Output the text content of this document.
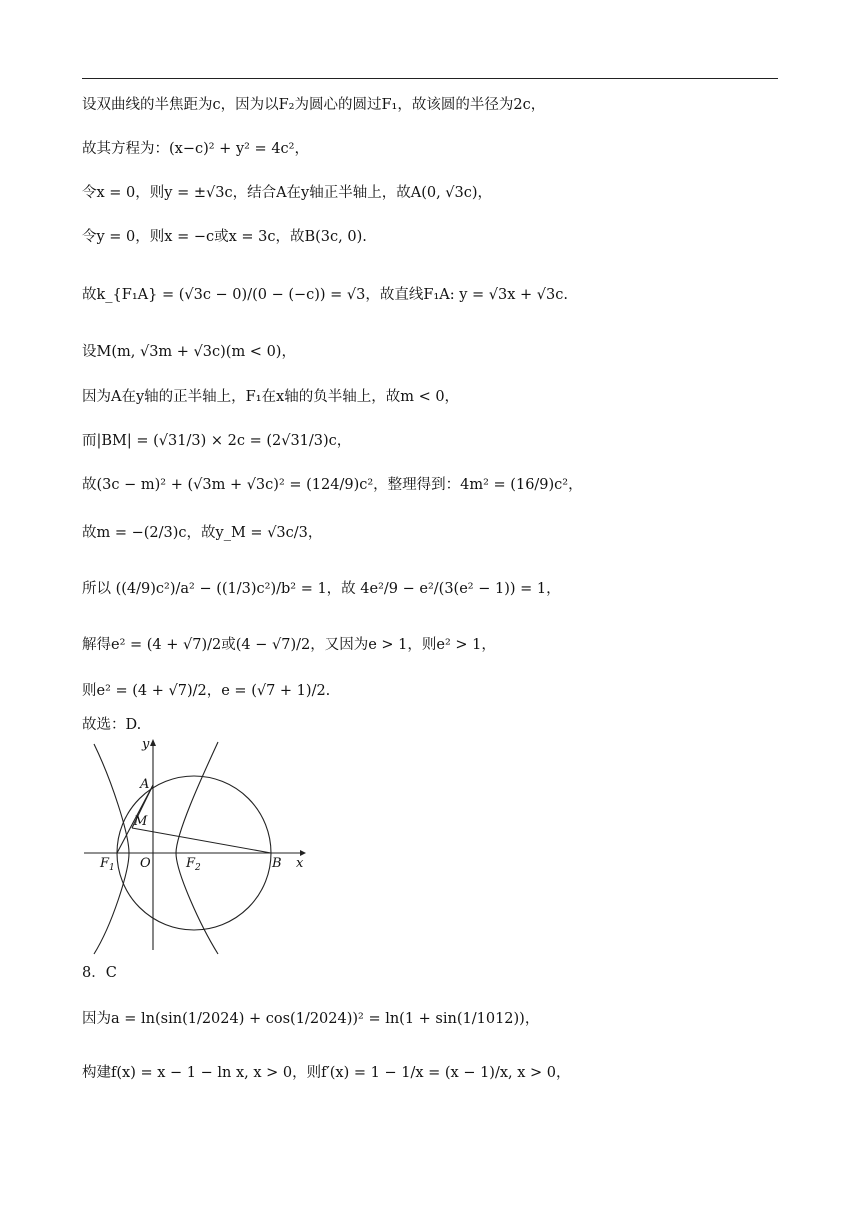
设双曲线的半焦距为c，因为以F₂为圆心的圆过F₁，故该圆的半径为2c，
故其方程为：(x−c)² + y² = 4c²，
令x = 0，则y = ±√3c，结合A在y轴正半轴上，故A(0, √3c)，
令y = 0，则x = −c或x = 3c，故B(3c, 0).
故k_{F₁A} = (√3c − 0)/(0 − (−c)) = √3，故直线F₁A: y = √3x + √3c.
设M(m, √3m + √3c)(m < 0)，
因为A在y轴的正半轴上，F₁在x轴的负半轴上，故m < 0，
而|BM| = (√31/3) × 2c = (2√31/3)c，
故(3c − m)² + (√3m + √3c)² = (124/9)c²，整理得到：4m² = (16/9)c²，
故m = −(2/3)c，故y_M = √3c/3，
所以 ((4/9)c²)/a² − ((1/3)c²)/b² = 1，故 4e²/9 − e²/(3(e² − 1)) = 1，
解得e² = (4 + √7)/2或(4 − √7)/2，又因为e > 1，则e² > 1，
则e² = (4 + √7)/2，e = (√7 + 1)/2.
故选：D.
y
x
A
M
$F_1$ O	$F_2$	B
8．C
因为a = ln(sin(1/2024) + cos(1/2024))² = ln(1 + sin(1/1012))，
构建f(x) = x − 1 − ln x, x > 0，则f′(x) = 1 − 1/x = (x − 1)/x, x > 0，
